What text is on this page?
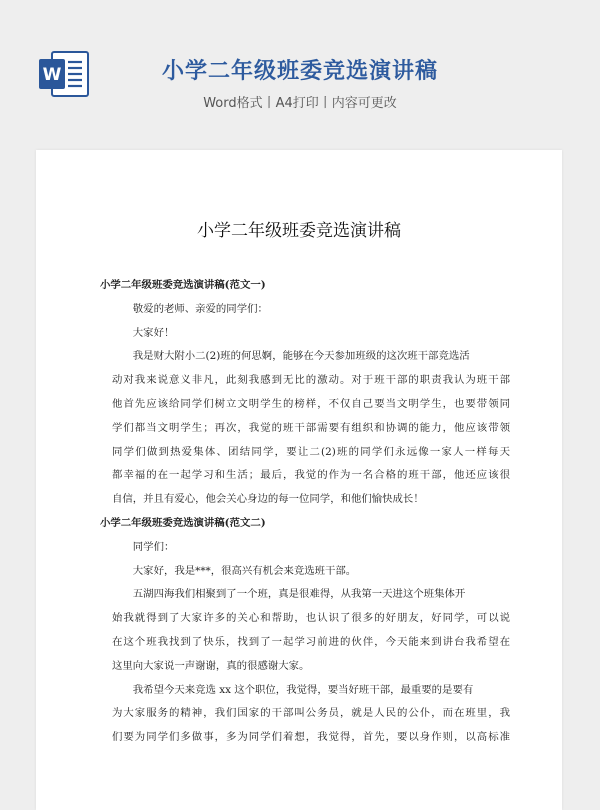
W	小学二年级班委竞选演讲稿
Word格式丨A4打印丨内容可更改
小学二年级班委竞选演讲稿
小学二年级班委竞选演讲稿(范文一)
敬爱的老师、亲爱的同学们：
大家好！
我是财大附小二(2)班的何思婀，能够在今天参加班级的这次班干部竞选活
动对我来说意义非凡，此刻我感到无比的激动。对于班干部的职责我认为班干部
他首先应该给同学们树立文明学生的榜样，不仅自己要当文明学生，也要带领同
学们都当文明学生；再次，我觉的班干部需要有组织和协调的能力，他应该带领
同学们做到热爱集体、团结同学，要让二(2)班的同学们永远像一家人一样每天
都幸福的在一起学习和生活；最后，我觉的作为一名合格的班干部，他还应该很
自信，并且有爱心，他会关心身边的每一位同学，和他们愉快成长！
小学二年级班委竞选演讲稿(范文二)
同学们：
大家好，我是***，很高兴有机会来竞选班干部。
五湖四海我们相聚到了一个班，真是很难得，从我第一天进这个班集体开
始我就得到了大家许多的关心和帮助，也认识了很多的好朋友，好同学，可以说
在这个班我找到了快乐，找到了一起学习前进的伙伴，今天能来到讲台我希望在
这里向大家说一声谢谢，真的很感谢大家。
我希望今天来竞选 xx 这个职位，我觉得，要当好班干部，最重要的是要有
为大家服务的精神，我们国家的干部叫公务员，就是人民的公仆，而在班里，我
们要为同学们多做事，多为同学们着想，我觉得，首先，要以身作则，以高标准
